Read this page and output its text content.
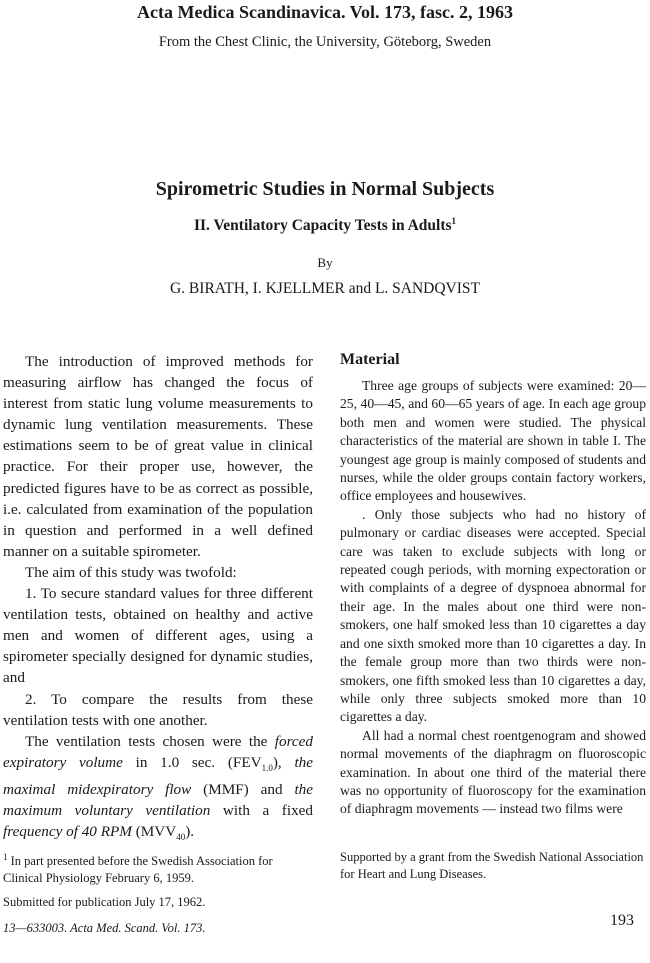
Acta Medica Scandinavica. Vol. 173, fasc. 2, 1963
From the Chest Clinic, the University, Göteborg, Sweden
Spirometric Studies in Normal Subjects
II. Ventilatory Capacity Tests in Adults$^1$
By
G. BIRATH, I. KJELLMER and L. SANDQVIST

The introduction of improved methods for measuring airflow has changed the focus of interest from static lung volume measurements to dynamic lung ventilation measurements. These estimations seem to be of great value in clinical practice. For their proper use, however, the predicted figures have to be as correct as possible, i.e. calculated from examination of the population in question and performed in a well defined manner on a suitable spirometer.

The aim of this study was twofold:

1. To secure standard values for three different ventilation tests, obtained on healthy and active men and women of different ages, using a spirometer specially designed for dynamic studies, and

2. To compare the results from these ventilation tests with one another.

The ventilation tests chosen were the forced expiratory volume in 1.0 sec. $(FEV_{1.0})$, the maximal midexpiratory flow (MMF) and the maximum voluntary ventilation with a fixed frequency of 40 RPM $(MVV_{40})$.

Material

Three age groups of subjects were examined: 20—25, 40—45, and 60—65 years of age. In each age group both men and women were studied. The physical characteristics of the material are shown in table I. The youngest age group is mainly composed of students and nurses, while the older groups contain factory workers, office employees and housewives.

. Only those subjects who had no history of pulmonary or cardiac diseases were accepted. Special care was taken to exclude subjects with long or repeated cough periods, with morning expectoration or with complaints of a degree of dyspnoea abnormal for their age. In the males about one third were non-smokers, one half smoked less than 10 cigarettes a day and one sixth smoked more than 10 cigarettes a day. In the female group more than two thirds were non-smokers, one fifth smoked less than 10 cigarettes a day, while only three subjects smoked more than 10 cigarettes a day.

All had a normal chest roentgenogram and showed normal movements of the diaphragm on fluoroscopic examination. In about one third of the material there was no opportunity of fluoroscopy for the examination of diaphragm movements — instead two films were

$^1$ In part presented before the Swedish Association for Clinical Physiology February 6, 1959.
Submitted for publication July 17, 1962.
13—633003. Acta Med. Scand. Vol. 173.
Supported by a grant from the Swedish National Association for Heart and Lung Diseases.
193
